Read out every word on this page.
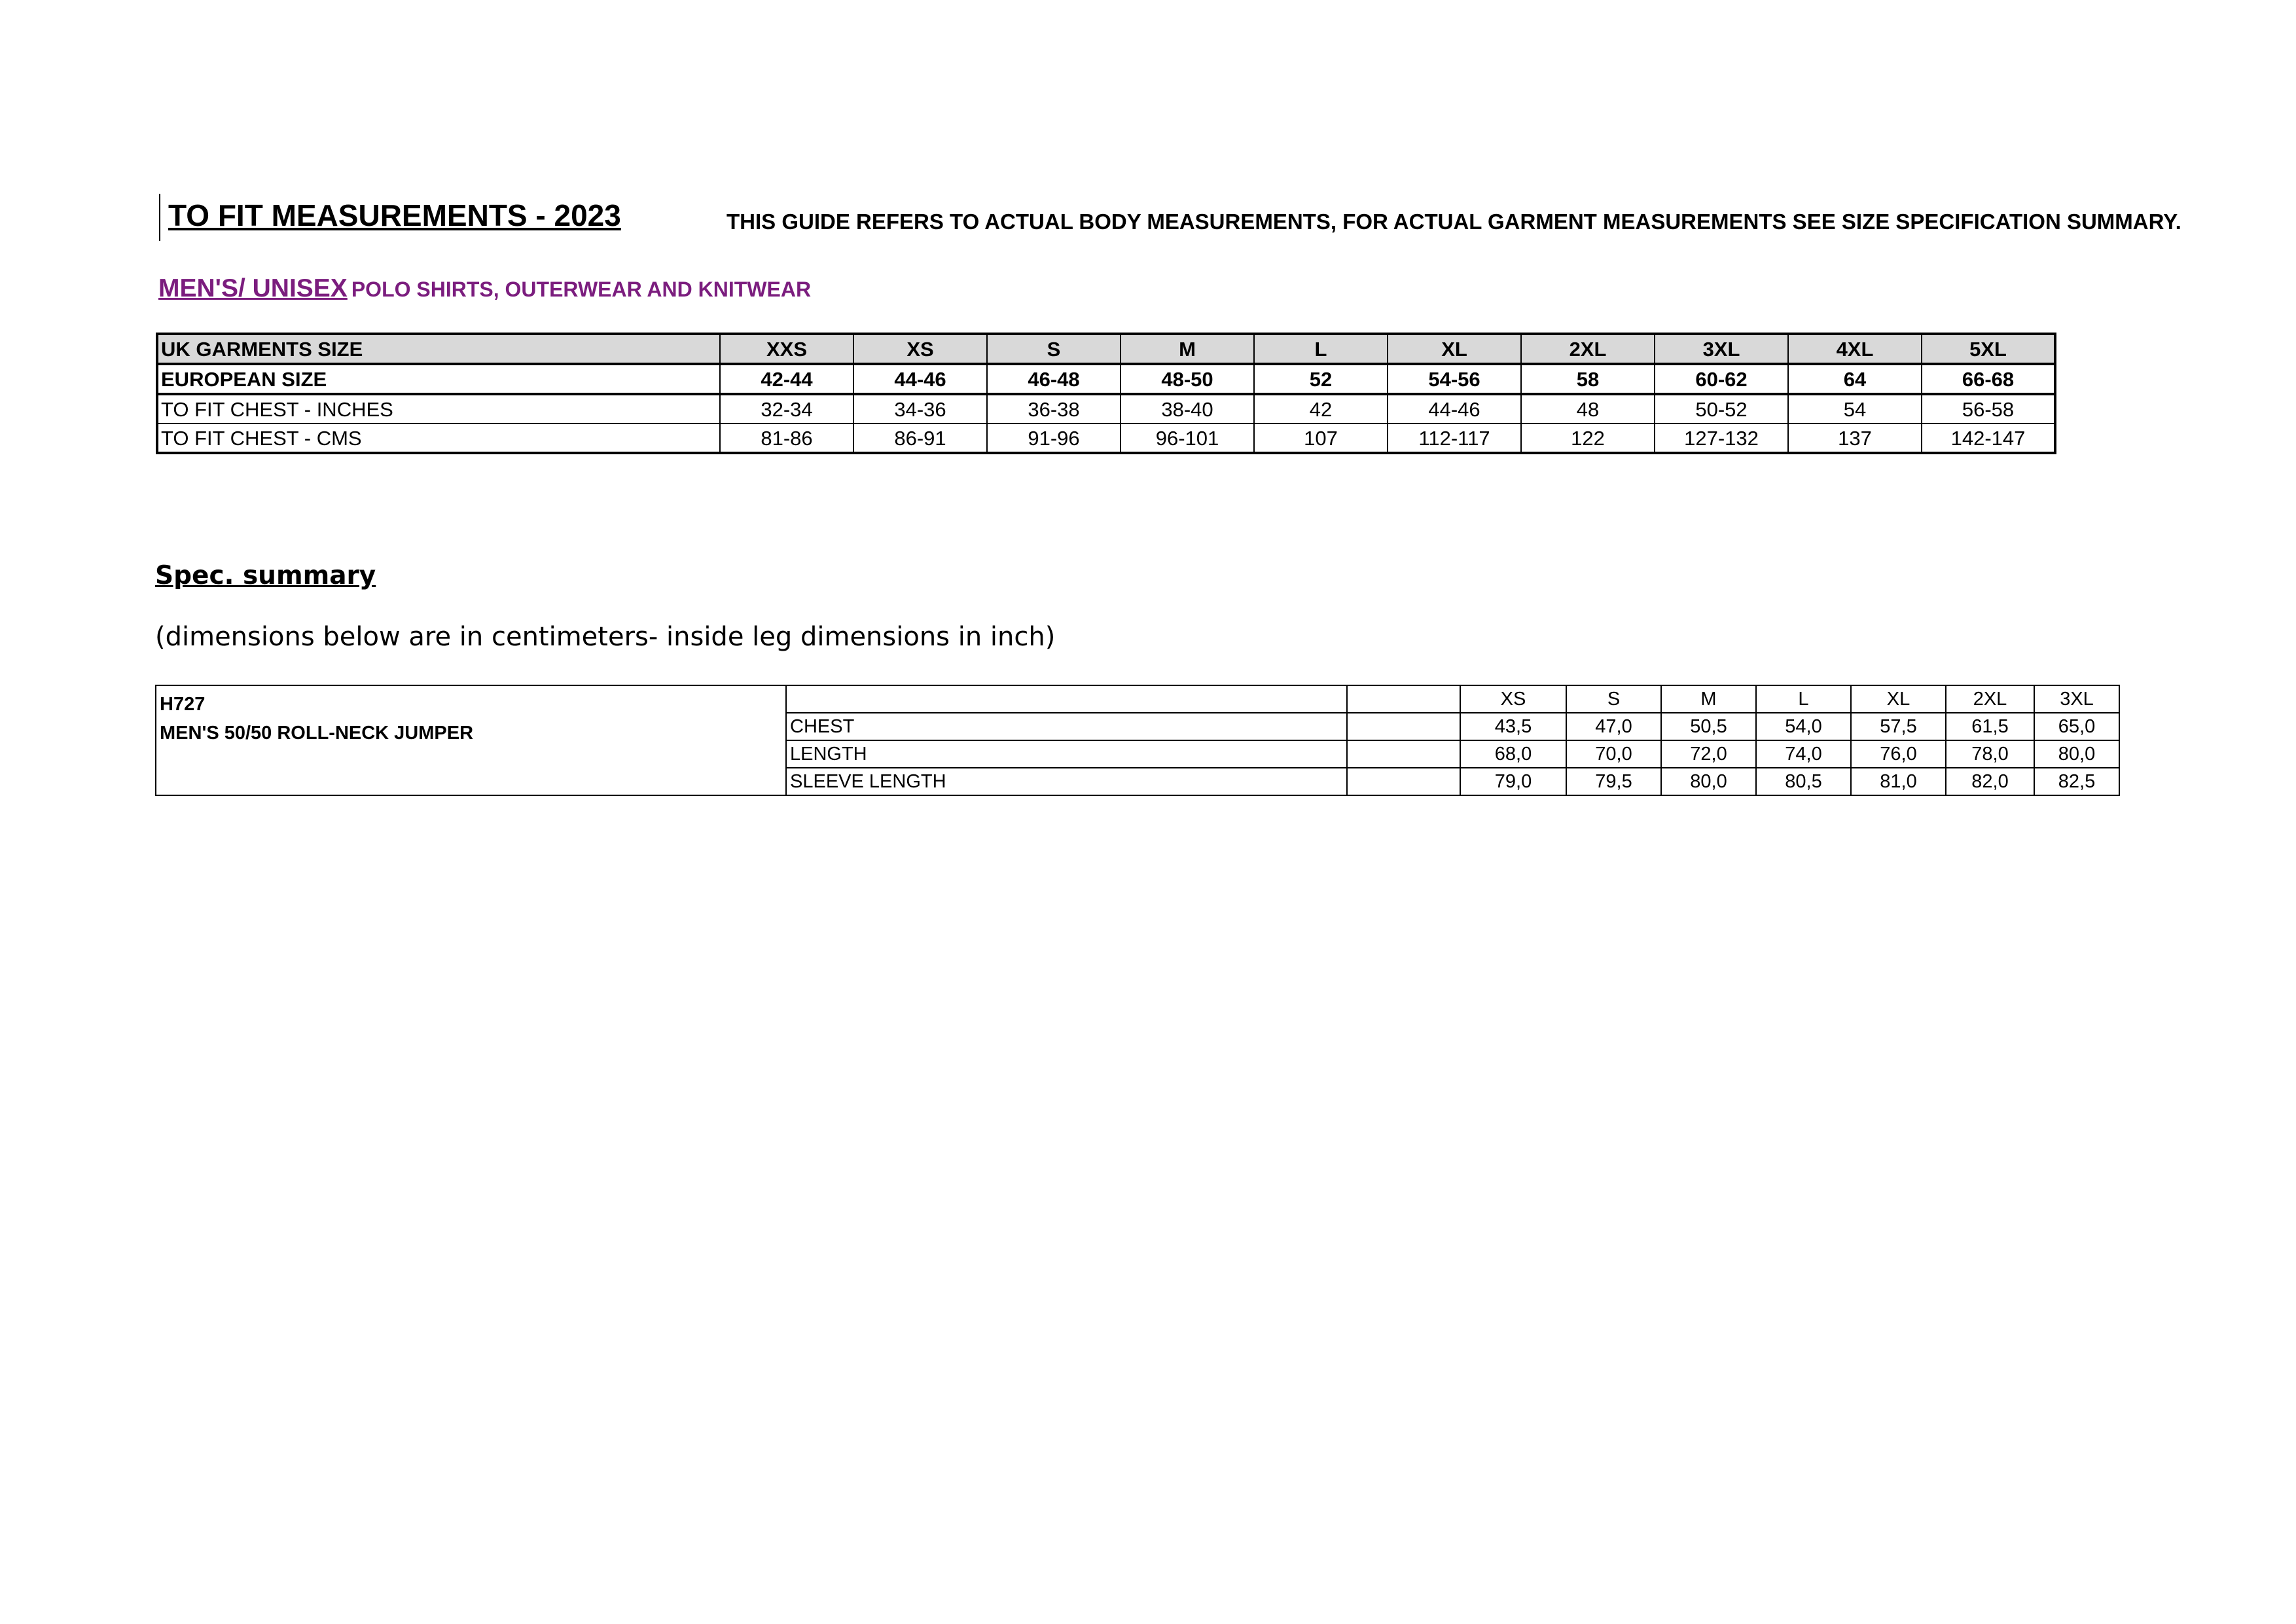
TO FIT MEASUREMENTS - 2023	THIS GUIDE REFERS TO ACTUAL BODY MEASUREMENTS, FOR ACTUAL GARMENT MEASUREMENTS SEE SIZE SPECIFICATION SUMMARY.
MEN'S/ UNISEX POLO SHIRTS, OUTERWEAR AND KNITWEAR
UK GARMENTS SIZE	XXS	XS	S	M	L	XL	2XL	3XL	4XL	5XL
EUROPEAN SIZE	42-44	44-46	46-48	48-50	52	54-56	58	60-62	64	66-68
TO FIT CHEST - INCHES	32-34	34-36	36-38	38-40	42	44-46	48	50-52	54	56-58
TO FIT CHEST - CMS	81-86	86-91	91-96	96-101	107	112-117	122	127-132	137	142-147
Spec. summary
(dimensions below are in centimeters- inside leg dimensions in inch)
H727
MEN'S 50/50 ROLL-NECK JUMPER			XS	S	M	L	XL	2XL	3XL
	CHEST		43,5	47,0	50,5	54,0	57,5	61,5	65,0
	LENGTH		68,0	70,0	72,0	74,0	76,0	78,0	80,0
	SLEEVE LENGTH		79,0	79,5	80,0	80,5	81,0	82,0	82,5
